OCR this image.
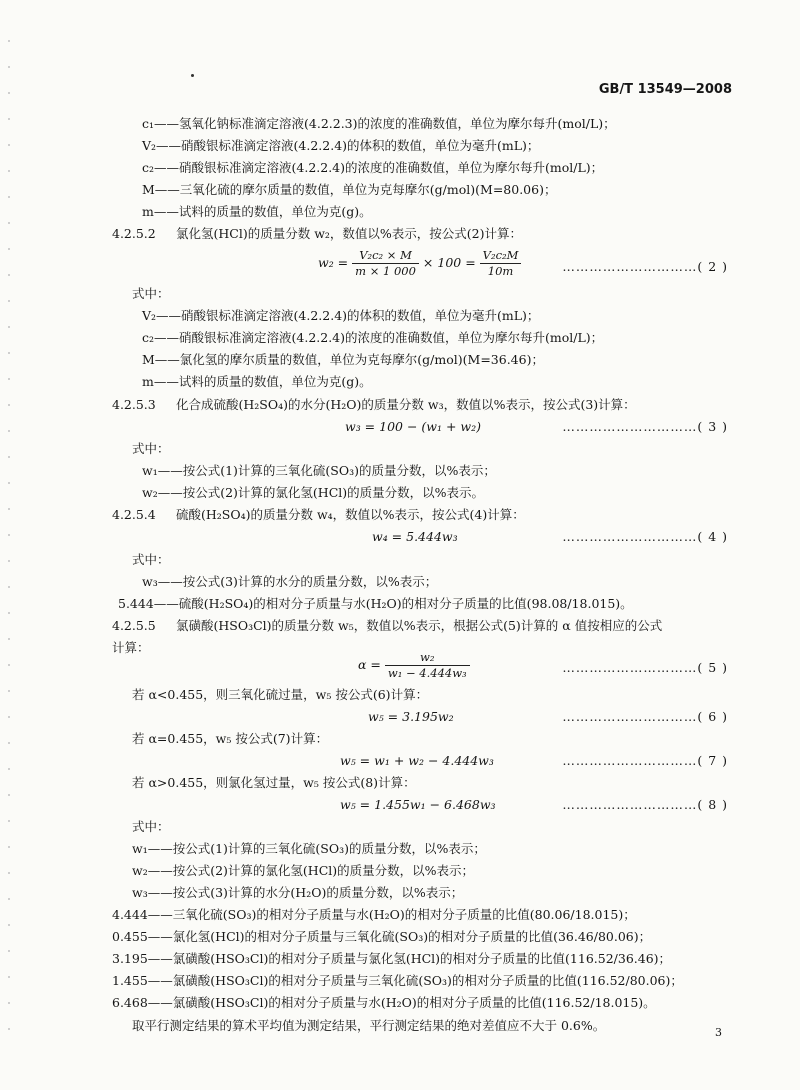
GB/T 13549—2008
c₁——氢氧化钠标准滴定溶液(4.2.2.3)的浓度的准确数值，单位为摩尔每升(mol/L)；
V₂——硝酸银标准滴定溶液(4.2.2.4)的体积的数值，单位为毫升(mL)；
c₂——硝酸银标准滴定溶液(4.2.2.4)的浓度的准确数值，单位为摩尔每升(mol/L)；
M——三氧化硫的摩尔质量的数值，单位为克每摩尔(g/mol)(M=80.06)；
m——试料的质量的数值，单位为克(g)。
4.2.5.2 氯化氢(HCl)的质量分数 w₂，数值以%表示，按公式(2)计算：
$w_2 = \frac{\text{V₂c₂ × M}}{m \times 1 000} \times 100 = \frac{\text{V₂c₂M}}{10m}$	…………………………( 2 )
式中：
V₂——硝酸银标准滴定溶液(4.2.2.4)的体积的数值，单位为毫升(mL)；
c₂——硝酸银标准滴定溶液(4.2.2.4)的浓度的准确数值，单位为摩尔每升(mol/L)；
M——氯化氢的摩尔质量的数值，单位为克每摩尔(g/mol)(M=36.46)；
m——试料的质量的数值，单位为克(g)。
4.2.5.3 化合成硫酸(H₂SO₄)的水分(H₂O)的质量分数 w₃，数值以%表示，按公式(3)计算：
w₃ = 100 − (w₁ + w₂)	…………………………( 3 )
式中：
w₁——按公式(1)计算的三氧化硫(SO₃)的质量分数，以%表示；
w₂——按公式(2)计算的氯化氢(HCl)的质量分数，以%表示。
4.2.5.4 硫酸(H₂SO₄)的质量分数 w₄，数值以%表示，按公式(4)计算：
w₄ = 5.444w₃	…………………………( 4 )
式中：
w₃——按公式(3)计算的水分的质量分数，以%表示；
5.444——硫酸(H₂SO₄)的相对分子质量与水(H₂O)的相对分子质量的比值(98.08/18.015)。
4.2.5.5 氯磺酸(HSO₃Cl)的质量分数 w₅，数值以%表示，根据公式(5)计算的 α 值按相应的公式
计算：
$\alpha = \frac{\text{w₂}}{\text{w₁ − 4.444w₃}}$	…………………………( 5 )
若 α<0.455，则三氧化硫过量，w₅ 按公式(6)计算：
w₅ = 3.195w₂	…………………………( 6 )
若 α=0.455，w₅ 按公式(7)计算：
w₅ = w₁ + w₂ − 4.444w₃	…………………………( 7 )
若 α>0.455，则氯化氢过量，w₅ 按公式(8)计算：
w₅ = 1.455w₁ − 6.468w₃	…………………………( 8 )
式中：
w₁——按公式(1)计算的三氧化硫(SO₃)的质量分数，以%表示；
w₂——按公式(2)计算的氯化氢(HCl)的质量分数，以%表示；
w₃——按公式(3)计算的水分(H₂O)的质量分数，以%表示；
4.444——三氧化硫(SO₃)的相对分子质量与水(H₂O)的相对分子质量的比值(80.06/18.015)；
0.455——氯化氢(HCl)的相对分子质量与三氧化硫(SO₃)的相对分子质量的比值(36.46/80.06)；
3.195——氯磺酸(HSO₃Cl)的相对分子质量与氯化氢(HCl)的相对分子质量的比值(116.52/36.46)；
1.455——氯磺酸(HSO₃Cl)的相对分子质量与三氧化硫(SO₃)的相对分子质量的比值(116.52/80.06)；
6.468——氯磺酸(HSO₃Cl)的相对分子质量与水(H₂O)的相对分子质量的比值(116.52/18.015)。
取平行测定结果的算术平均值为测定结果，平行测定结果的绝对差值应不大于 0.6%。	3
